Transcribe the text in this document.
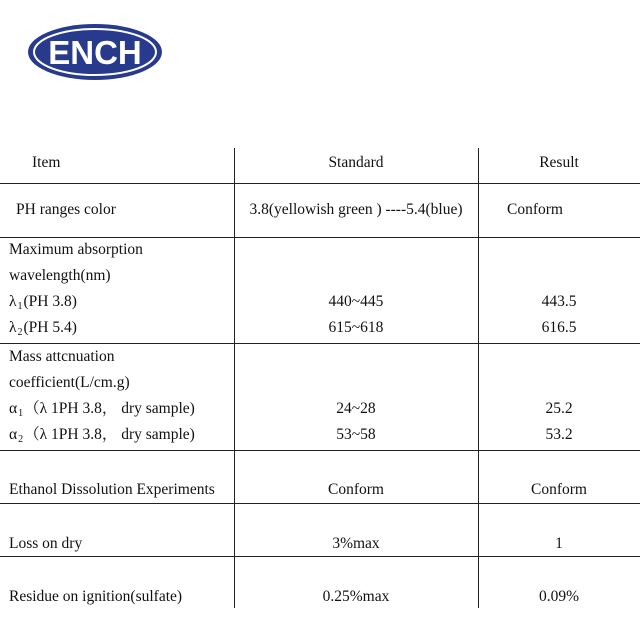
ENCH
Item	Standard	Result
PH ranges color	3.8(yellowish green ) ----5.4(blue)	Conform
Maximum absorption
wavelength(nm)
$\lambda_1(PH$ 3.8)	440~445	443.5
$\lambda_2(PH$ 5.4)	615~618	616.5
Mass attcnuation
coefficient(L/cm.g)
$\alpha_1(\lambda$ 1PH 3.8， dry sample)	24~28	25.2
$\alpha_2(\lambda$ 1PH 3.8， dry sample)	53~58	53.2
Ethanol Dissolution Experiments	Conform	Conform
Loss on dry	3%max	1
Residue on ignition(sulfate)	0.25%max	0.09%
